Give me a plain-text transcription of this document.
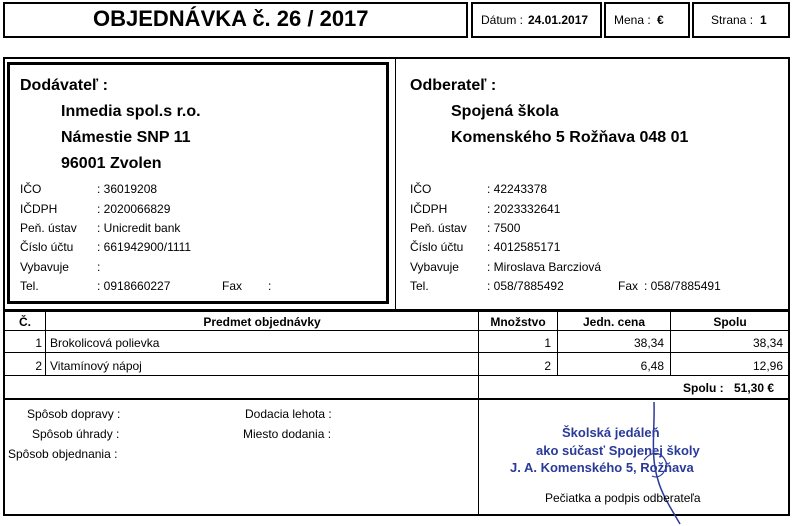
OBJEDNÁVKA č. 26 / 2017	Dátum : 24.01.2017 Mena : €	Strana : 1
Dodávateľ :
Inmedia spol.s r.o.
Námestie SNP 11
96001 Zvolen
IČO	: 36019208
IČDPH	: 2020066829
Peň. ústav : Unicredit bank
Číslo účtu : 661942900/1111
Vybavuje :
Tel.	: 0918660227	Fax :
Odberateľ :
Spojená škola
Komenského 5 Rožňava 048 01
IČO	: 42243378
IČDPH	: 2023332641
Peň. ústav : 7500
Číslo účtu : 4012585171
Vybavuje : Miroslava Barcziová
Tel.	: 058/7885492	Fax : 058/7885491
Č.	Predmet objednávky	Množstvo	Jedn. cena	Spolu
1 Brokolicová polievka	1	38,34	38,34
2 Vitamínový nápoj	2	6,48	12,96
Spolu : 51,30 €
Spôsob dopravy :
Spôsob úhrady :
Spôsob objednania :
Dodacia lehota :
Miesto dodania :	Školská jedáleň
ako súčasť Spojenej školy
J. A. Komenského 5, Rožňava
Pečiatka a podpis odberateľa
